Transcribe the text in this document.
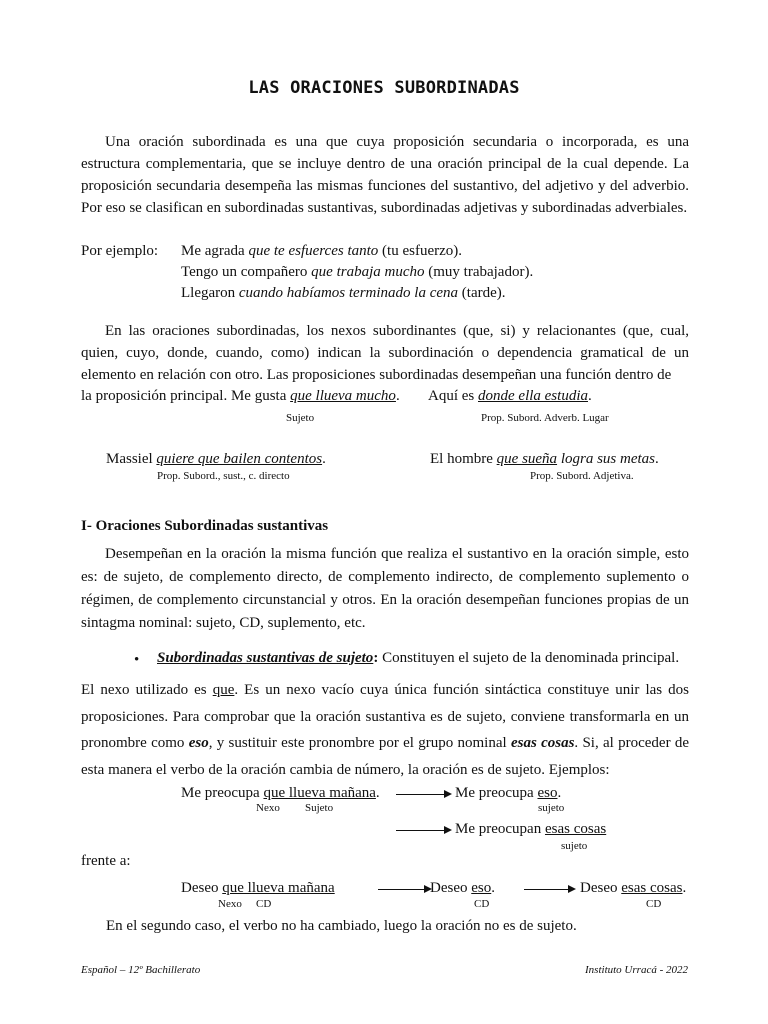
LAS ORACIONES SUBORDINADAS
Una oración subordinada es una que cuya proposición secundaria o incorporada, es una estructura complementaria, que se incluye dentro de una oración principal de la cual depende. La proposición secundaria desempeña las mismas funciones del sustantivo, del adjetivo y del adverbio. Por eso se clasifican en subordinadas sustantivas, subordinadas adjetivas y subordinadas adverbiales.
Por ejemplo: Me agrada que te esfuerces tanto (tu esfuerzo).
Tengo un compañero que trabaja mucho (muy trabajador).
Llegaron cuando habíamos terminado la cena (tarde).
En las oraciones subordinadas, los nexos subordinantes (que, si) y relacionantes (que, cual, quien, cuyo, donde, cuando, como) indican la subordinación o dependencia gramatical de un elemento en relación con otro. Las proposiciones subordinadas desempeñan una función dentro de
la proposición principal. Me gusta que llueva mucho. Aquí es donde ella estudia.
Sujeto	Prop. Subord. Adverb. Lugar
Massiel quiere que bailen contentos.
Prop. Subord., sust., c. directo
El hombre que sueña logra sus metas.
Prop. Subord. Adjetiva.
I- Oraciones Subordinadas sustantivas
Desempeñan en la oración la misma función que realiza el sustantivo en la oración simple, esto es: de sujeto, de complemento directo, de complemento indirecto, de complemento suplemento o régimen, de complemento circunstancial y otros. En la oración desempeñan funciones propias de un sintagma nominal: sujeto, CD, suplemento, etc.
• Subordinadas sustantivas de sujeto: Constituyen el sujeto de la denominada principal.
El nexo utilizado es que. Es un nexo vacío cuya única función sintáctica constituye unir las dos proposiciones. Para comprobar que la oración sustantiva es de sujeto, conviene transformarla en un pronombre como eso, y sustituir este pronombre por el grupo nominal esas cosas. Si, al proceder de esta manera el verbo de la oración cambia de número, la oración es de sujeto. Ejemplos:
Me preocupa que llueva mañana.
Nexo Sujeto
Me preocupa eso.
sujeto
Me preocupan esas cosas
sujeto
frente a:
Deseo que llueva mañana
Nexo CD
Deseo eso.
CD
Deseo esas cosas.
CD
En el segundo caso, el verbo no ha cambiado, luego la oración no es de sujeto.
Español – 12º Bachillerato	Instituto Urracá - 2022
